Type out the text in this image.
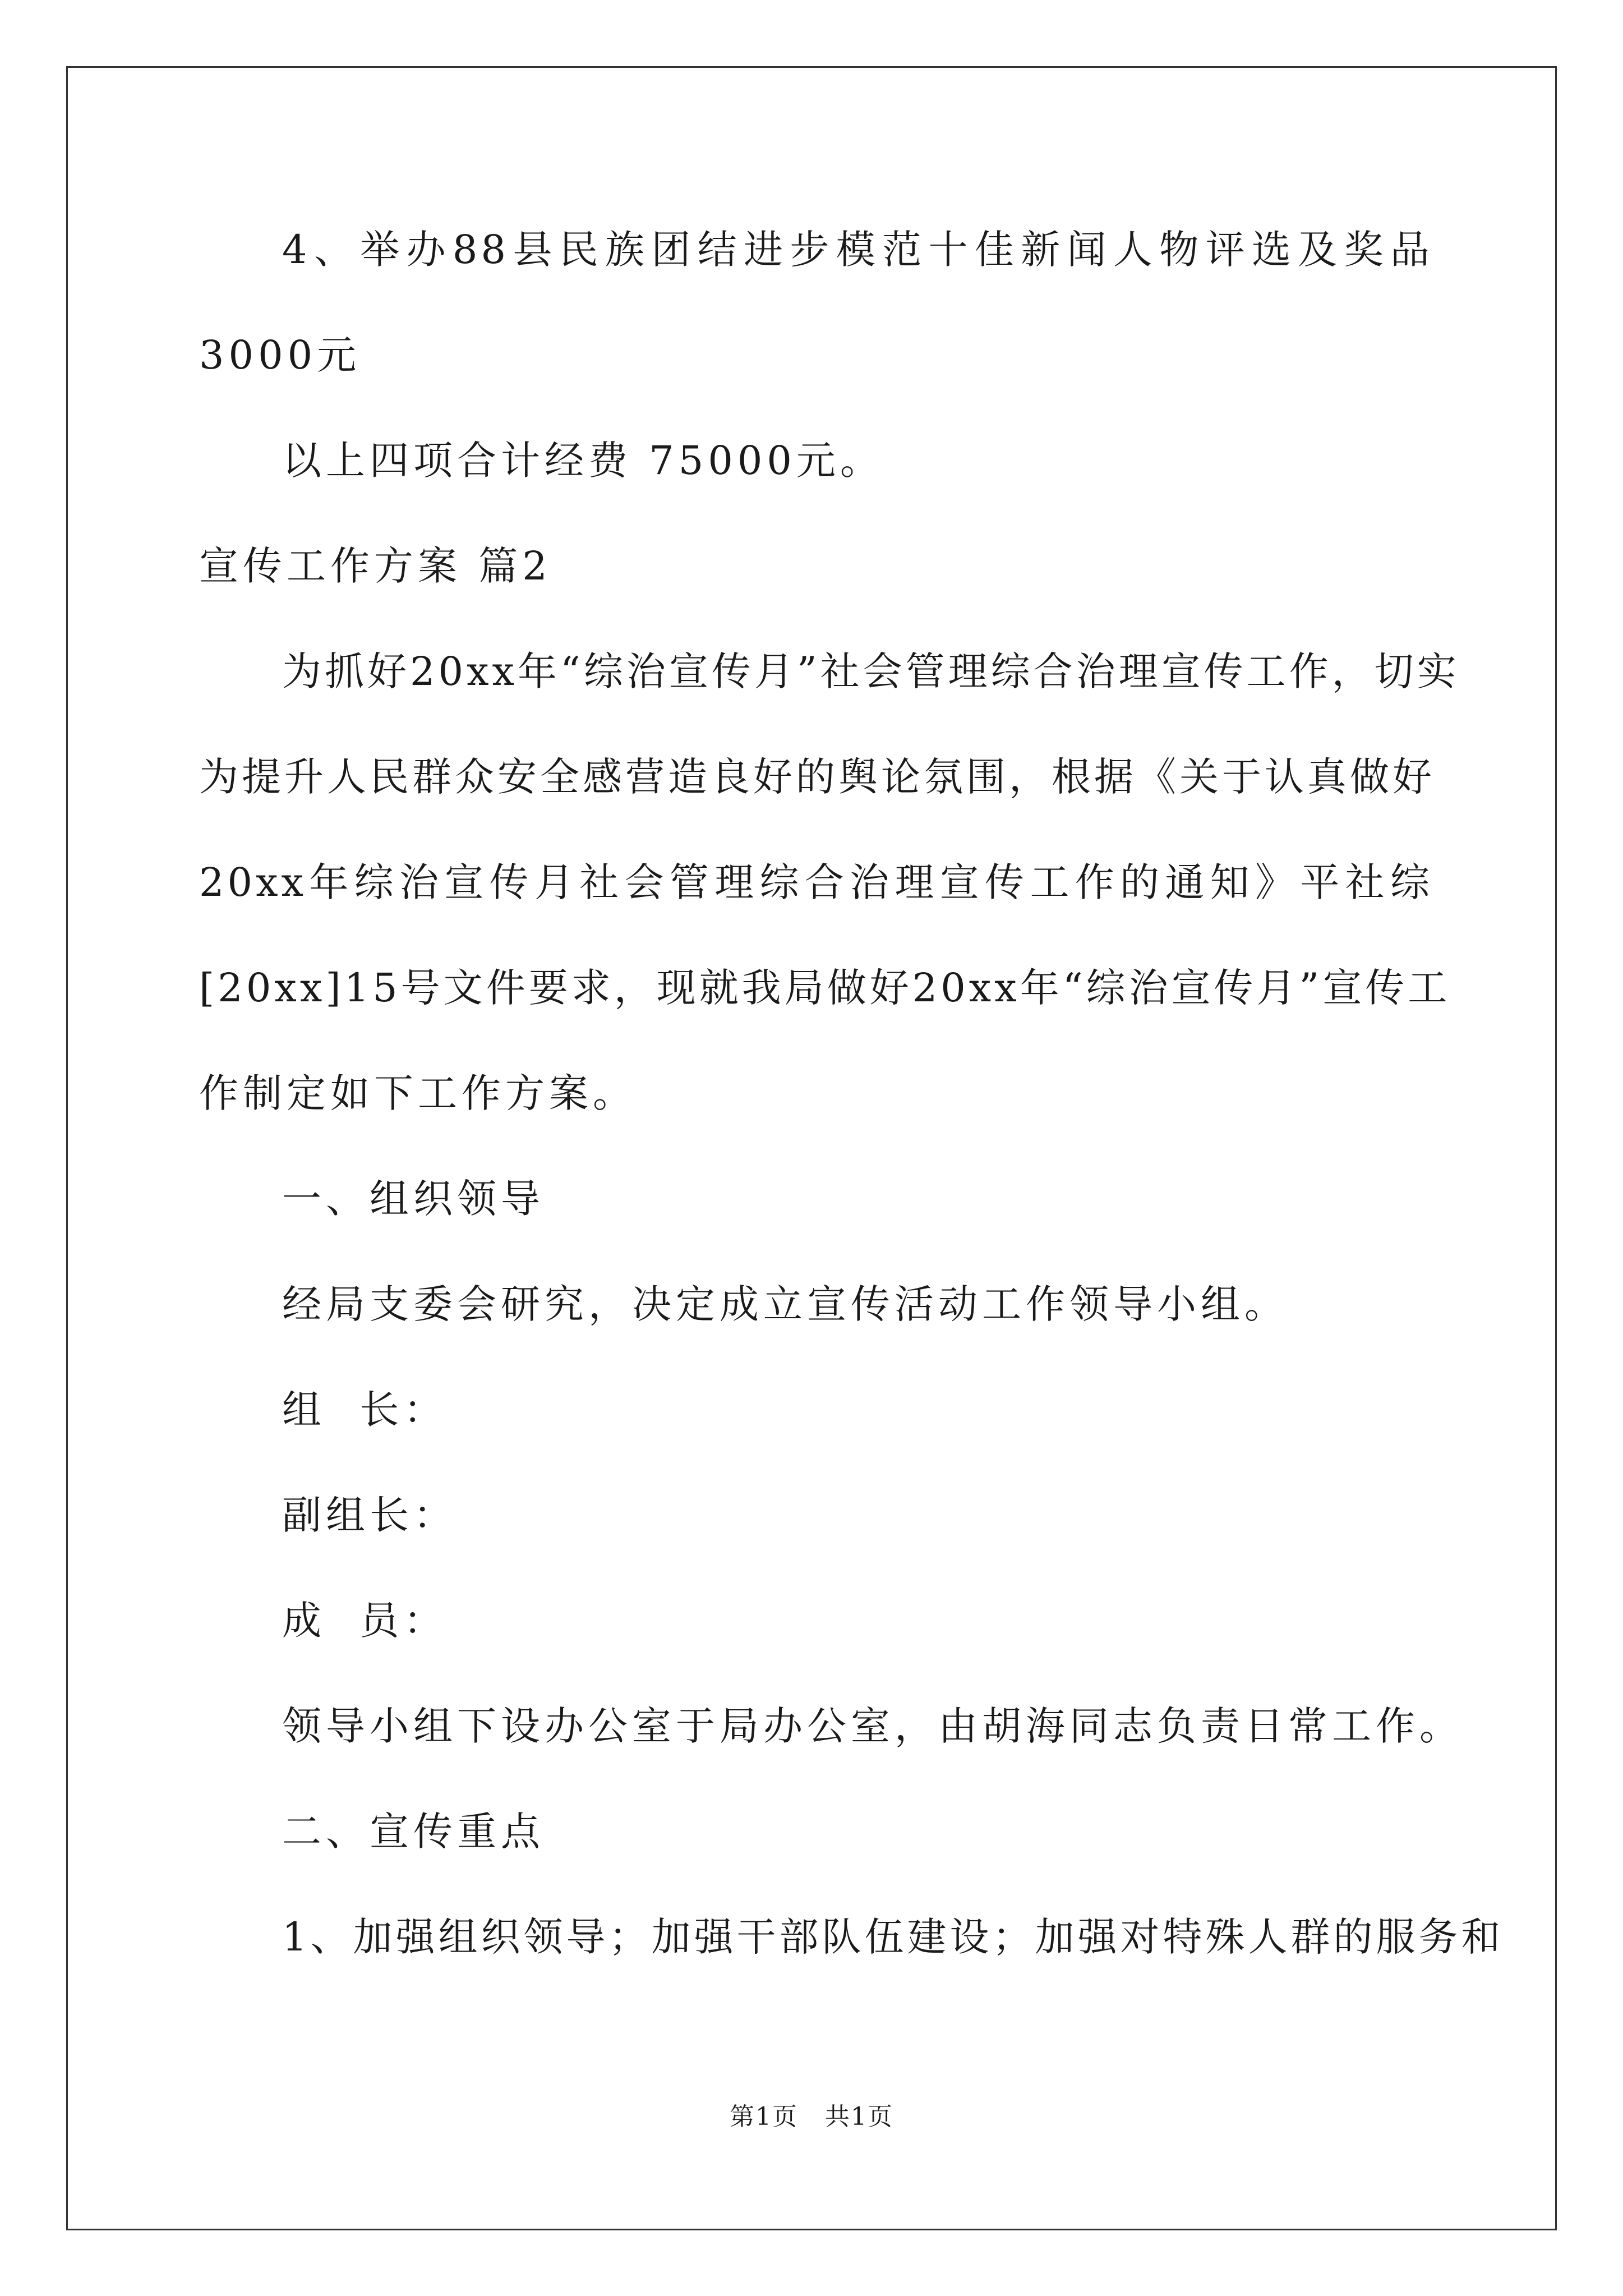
4、举办88县民族团结进步模范十佳新闻人物评选及奖品
3000元
以上四项合计经费 75000元。
宣传工作方案 篇2
为抓好20xx年“综治宣传月”社会管理综合治理宣传工作，切实
为提升人民群众安全感营造良好的舆论氛围，根据《关于认真做好
20xx年综治宣传月社会管理综合治理宣传工作的通知》平社综
[20xx]15号文件要求，现就我局做好20xx年“综治宣传月”宣传工
作制定如下工作方案。
一、组织领导
经局支委会研究，决定成立宣传活动工作领导小组。
组  长：
副组长：
成  员：
领导小组下设办公室于局办公室，由胡海同志负责日常工作。
二、宣传重点
1、加强组织领导；加强干部队伍建设；加强对特殊人群的服务和
第1页   共1页
